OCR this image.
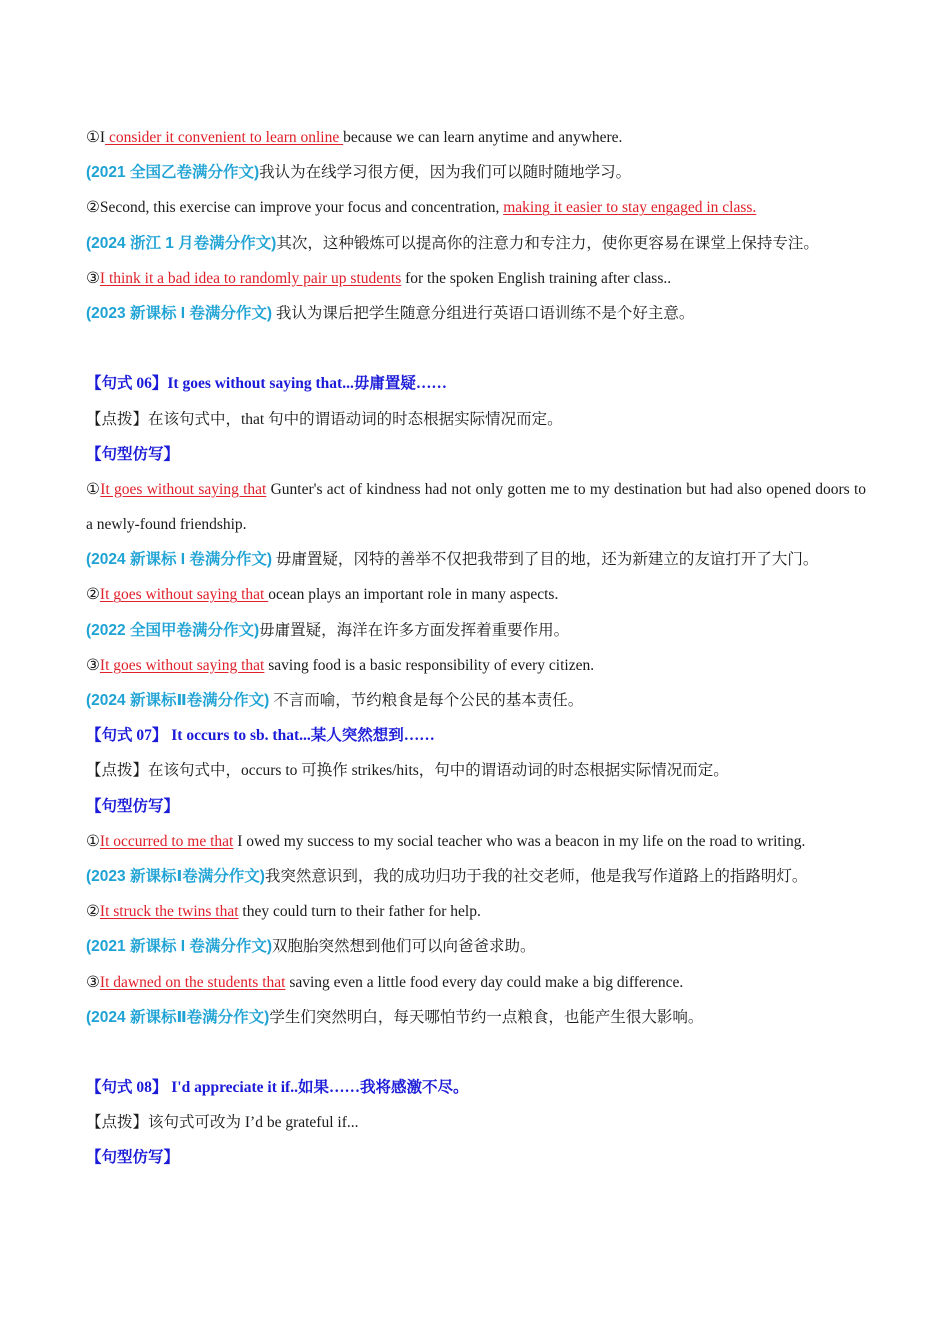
①I consider it convenient to learn online because we can learn anytime and anywhere.
(2021 全国乙卷满分作文)我认为在线学习很方便，因为我们可以随时随地学习。
②Second, this exercise can improve your focus and concentration, making it easier to stay engaged in class.
(2024 浙江 1 月卷满分作文)其次，这种锻炼可以提高你的注意力和专注力，使你更容易在课堂上保持专注。
③I think it a bad idea to randomly pair up students for the spoken English training after class..
(2023 新课标 I 卷满分作文) 我认为课后把学生随意分组进行英语口语训练不是个好主意。
【句式 06】It goes without saying that...毋庸置疑……
【点拨】在该句式中，that 句中的谓语动词的时态根据实际情况而定。
【句型仿写】
①It goes without saying that Gunter's act of kindness had not only gotten me to my destination but had also opened doors to a newly-found friendship.
(2024 新课标 I 卷满分作文) 毋庸置疑，冈特的善举不仅把我带到了目的地，还为新建立的友谊打开了大门。
②It goes without saying that ocean plays an important role in many aspects.
(2022 全国甲卷满分作文)毋庸置疑，海洋在许多方面发挥着重要作用。
③It goes without saying that saving food is a basic responsibility of every citizen.
(2024 新课标Ⅱ卷满分作文) 不言而喻，节约粮食是每个公民的基本责任。
【句式 07】 It occurs to sb. that...某人突然想到……
【点拨】在该句式中，occurs to 可换作 strikes/hits，句中的谓语动词的时态根据实际情况而定。
【句型仿写】
①It occurred to me that I owed my success to my social teacher who was a beacon in my life on the road to writing.
(2023 新课标Ⅰ卷满分作文)我突然意识到，我的成功归功于我的社交老师，他是我写作道路上的指路明灯。
②It struck the twins that they could turn to their father for help.
(2021 新课标 I 卷满分作文)双胞胎突然想到他们可以向爸爸求助。
③It dawned on the students that saving even a little food every day could make a big difference.
(2024 新课标Ⅱ卷满分作文)学生们突然明白，每天哪怕节约一点粮食，也能产生很大影响。
【句式 08】 I'd appreciate it if..如果……我将感激不尽。
【点拨】该句式可改为 I’d be grateful if...
【句型仿写】
